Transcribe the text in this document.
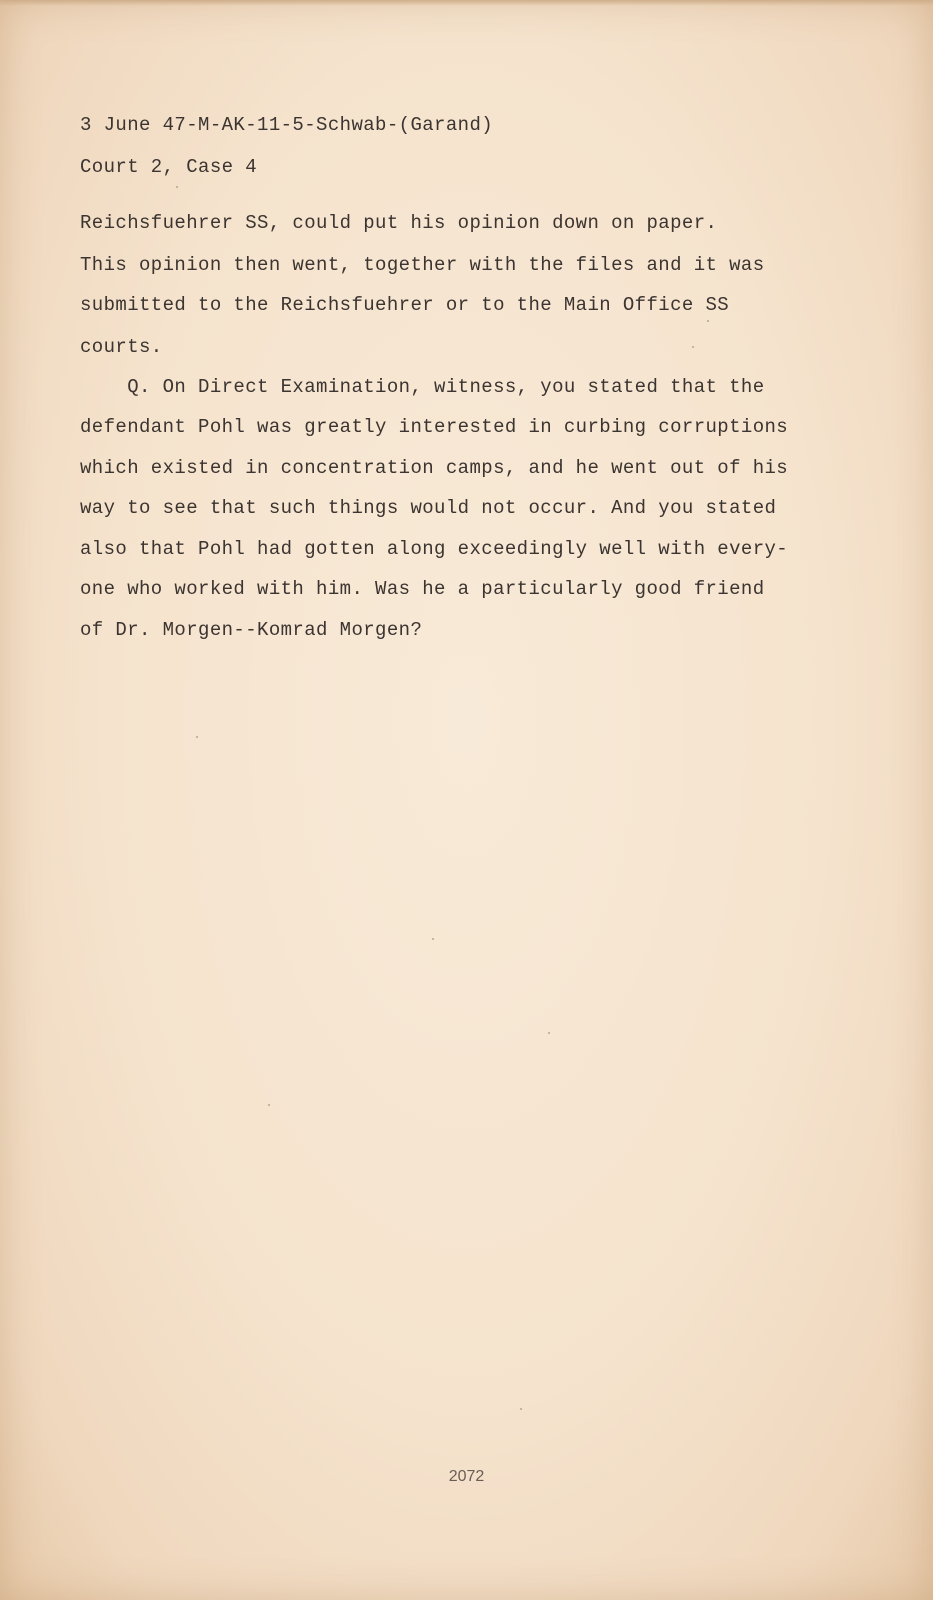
3 June 47-M-AK-11-5-Schwab-(Garand)
Court 2, Case 4
Reichsfuehrer SS, could put his opinion down on paper.
This opinion then went, together with the files and it was
submitted to the Reichsfuehrer or to the Main Office SS
courts.
Q. On Direct Examination, witness, you stated that the
defendant Pohl was greatly interested in curbing corruptions
which existed in concentration camps, and he went out of his
way to see that such things would not occur. And you stated
also that Pohl had gotten along exceedingly well with every-
one who worked with him. Was he a particularly good friend
of Dr. Morgen--Komrad Morgen?
2072
